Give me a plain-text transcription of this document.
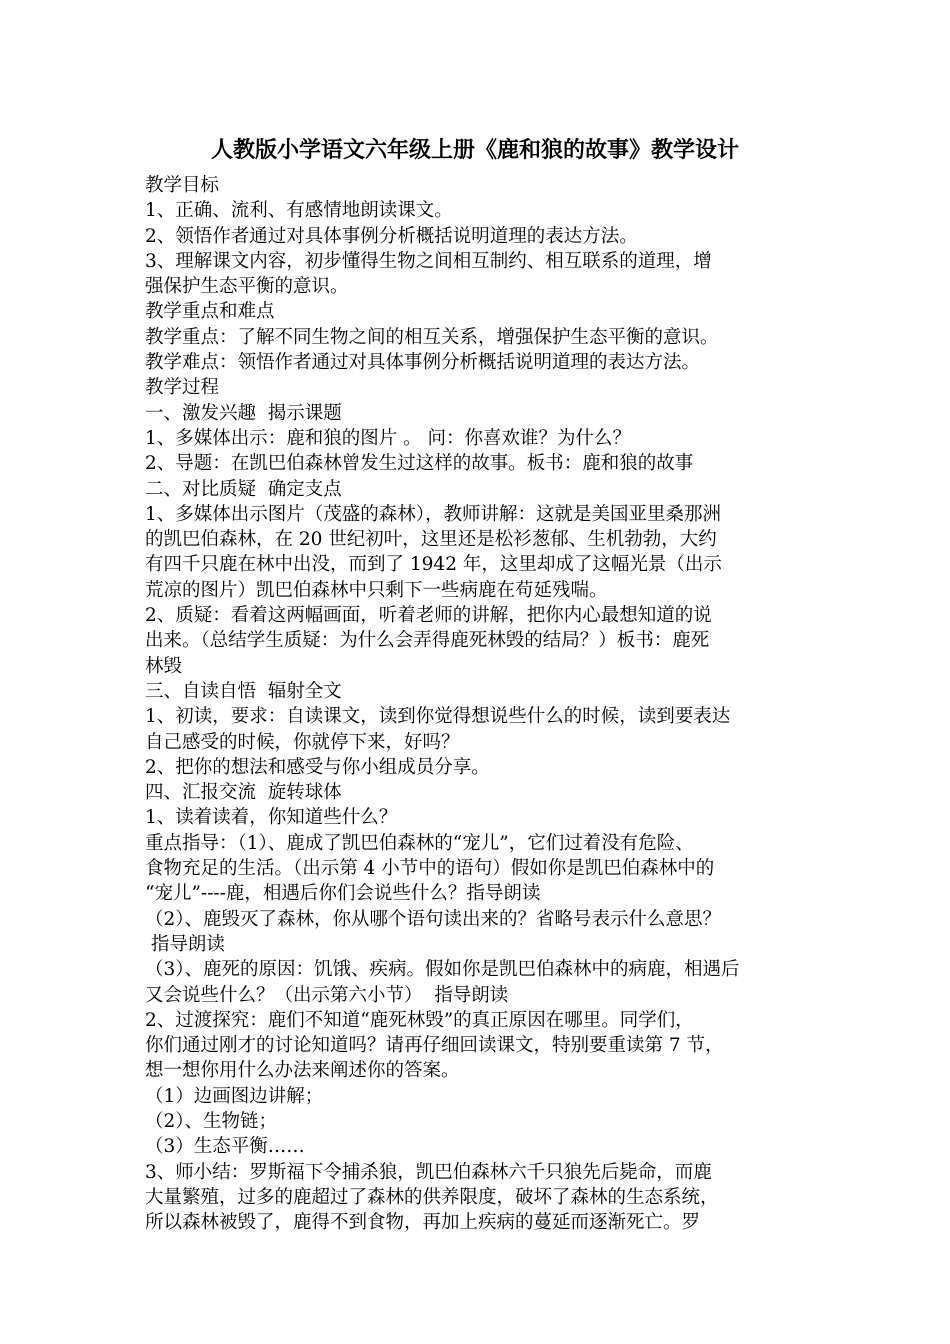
人教版小学语文六年级上册《鹿和狼的故事》教学设计
教学目标
1、正确、流利、有感情地朗读课文。
2、领悟作者通过对具体事例分析概括说明道理的表达方法。
3、理解课文内容，初步懂得生物之间相互制约、相互联系的道理，增
强保护生态平衡的意识。
教学重点和难点
教学重点：了解不同生物之间的相互关系，增强保护生态平衡的意识。
教学难点：领悟作者通过对具体事例分析概括说明道理的表达方法。
教学过程
一、激发兴趣  揭示课题
1、多媒体出示：鹿和狼的图片 。 问：你喜欢谁？为什么？
2、导题：在凯巴伯森林曾发生过这样的故事。板书：鹿和狼的故事
二、对比质疑  确定支点
1、多媒体出示图片（茂盛的森林），教师讲解：这就是美国亚里桑那洲
的凯巴伯森林，在 20 世纪初叶，这里还是松衫葱郁、生机勃勃，大约
有四千只鹿在林中出没，而到了 1942 年，这里却成了这幅光景（出示
荒凉的图片）凯巴伯森林中只剩下一些病鹿在苟延残喘。
2、质疑：看着这两幅画面，听着老师的讲解，把你内心最想知道的说
出来。（总结学生质疑：为什么会弄得鹿死林毁的结局？）板书：鹿死
林毁
三、自读自悟  辐射全文
1、初读，要求：自读课文，读到你觉得想说些什么的时候，读到要表达
自己感受的时候，你就停下来，好吗？
2、把你的想法和感受与你小组成员分享。
四、汇报交流  旋转球体
1、读着读着，你知道些什么？
重点指导：（1）、鹿成了凯巴伯森林的“宠儿”，它们过着没有危险、
食物充足的生活。（出示第 4 小节中的语句）假如你是凯巴伯森林中的
“宠儿”----鹿，相遇后你们会说些什么？指导朗读
（2）、鹿毁灭了森林，你从哪个语句读出来的？省略号表示什么意思？
指导朗读
（3）、鹿死的原因：饥饿、疾病。假如你是凯巴伯森林中的病鹿，相遇后
又会说些什么？（出示第六小节）  指导朗读
2、过渡探究：鹿们不知道“鹿死林毁”的真正原因在哪里。同学们，
你们通过刚才的讨论知道吗？请再仔细回读课文，特别要重读第 7 节，
想一想你用什么办法来阐述你的答案。
（1）边画图边讲解；
（2）、生物链；
（3）生态平衡……
3、师小结：罗斯福下令捕杀狼，凯巴伯森林六千只狼先后毙命，而鹿
大量繁殖，过多的鹿超过了森林的供养限度，破坏了森林的生态系统，
所以森林被毁了，鹿得不到食物，再加上疾病的蔓延而逐渐死亡。罗
